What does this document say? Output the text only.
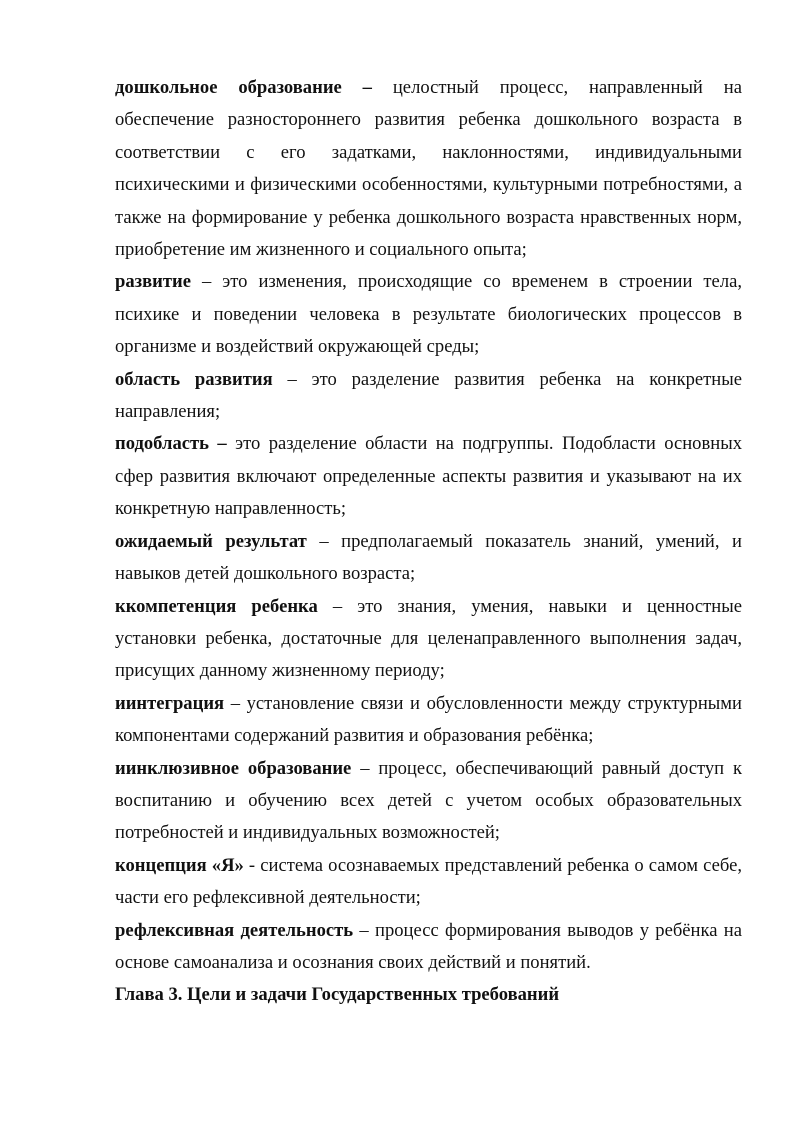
дошкольное образование – целостный процесс, направленный на обеспечение разностороннего развития ребенка дошкольного возраста в соответствии с его задатками, наклонностями, индивидуальными психическими и физическими особенностями, культурными потребностями, а также на формирование у ребенка дошкольного возраста нравственных норм, приобретение им жизненного и социального опыта;

развитие – это изменения, происходящие со временем в строении тела, психике и поведении человека в результате биологических процессов в организме и воздействий окружающей среды;

область развития – это разделение развития ребенка на конкретные направления;

подобласть – это разделение области на подгруппы. Подобласти основных сфер развития включают определенные аспекты развития и указывают на их конкретную направленность;

ожидаемый результат – предполагаемый показатель знаний, умений, и навыков детей дошкольного возраста;

ккомпетенция ребенка – это знания, умения, навыки и ценностные установки ребенка, достаточные для целенаправленного выполнения задач, присущих данному жизненному периоду;

иинтеграция – установление связи и обусловленности между структурными компонентами содержаний развития и образования ребёнка;

иинклюзивное образование – процесс, обеспечивающий равный доступ к воспитанию и обучению всех детей с учетом особых образовательных потребностей и индивидуальных возможностей;

концепция «Я» - система осознаваемых представлений ребенка о самом себе, части его рефлексивной деятельности;

рефлексивная деятельность – процесс формирования выводов у ребёнка на основе самоанализа и осознания своих действий и понятий.

Глава 3. Цели и задачи Государственных требований
